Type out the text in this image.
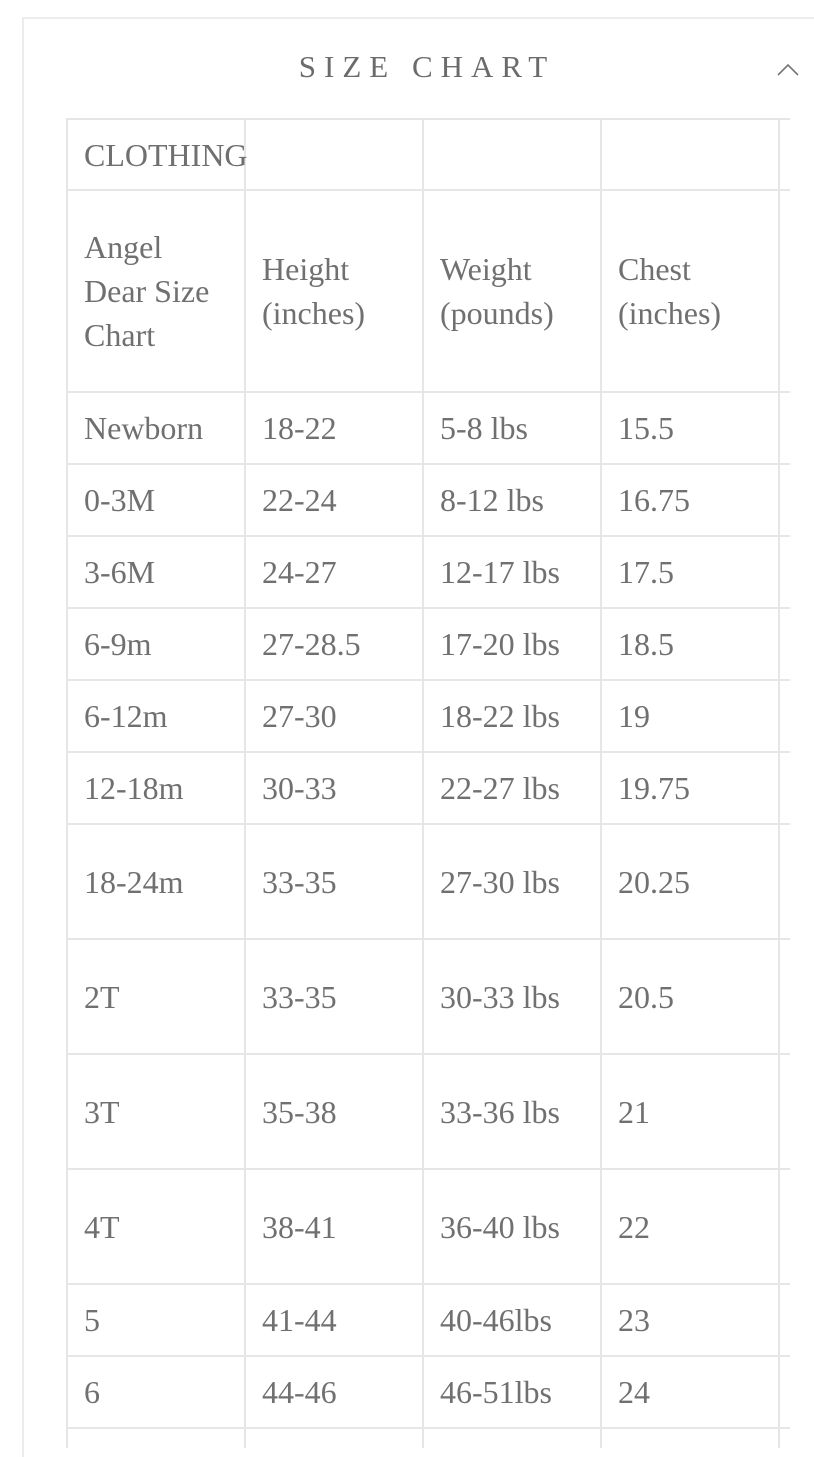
SIZE CHART
CLOTHING				
Angel Dear Size Chart	Height (inches)	Weight (pounds)	Chest (inches)	
Newborn	18-22	5-8 lbs	15.5	
0-3M	22-24	8-12 lbs	16.75	
3-6M	24-27	12-17 lbs	17.5	
6-9m	27-28.5	17-20 lbs	18.5	
6-12m	27-30	18-22 lbs	19	
12-18m	30-33	22-27 lbs	19.75	
18-24m	33-35	27-30 lbs	20.25	
2T	33-35	30-33 lbs	20.5	
3T	35-38	33-36 lbs	21	
4T	38-41	36-40 lbs	22	
5	41-44	40-46lbs	23	
6	44-46	46-51lbs	24	
